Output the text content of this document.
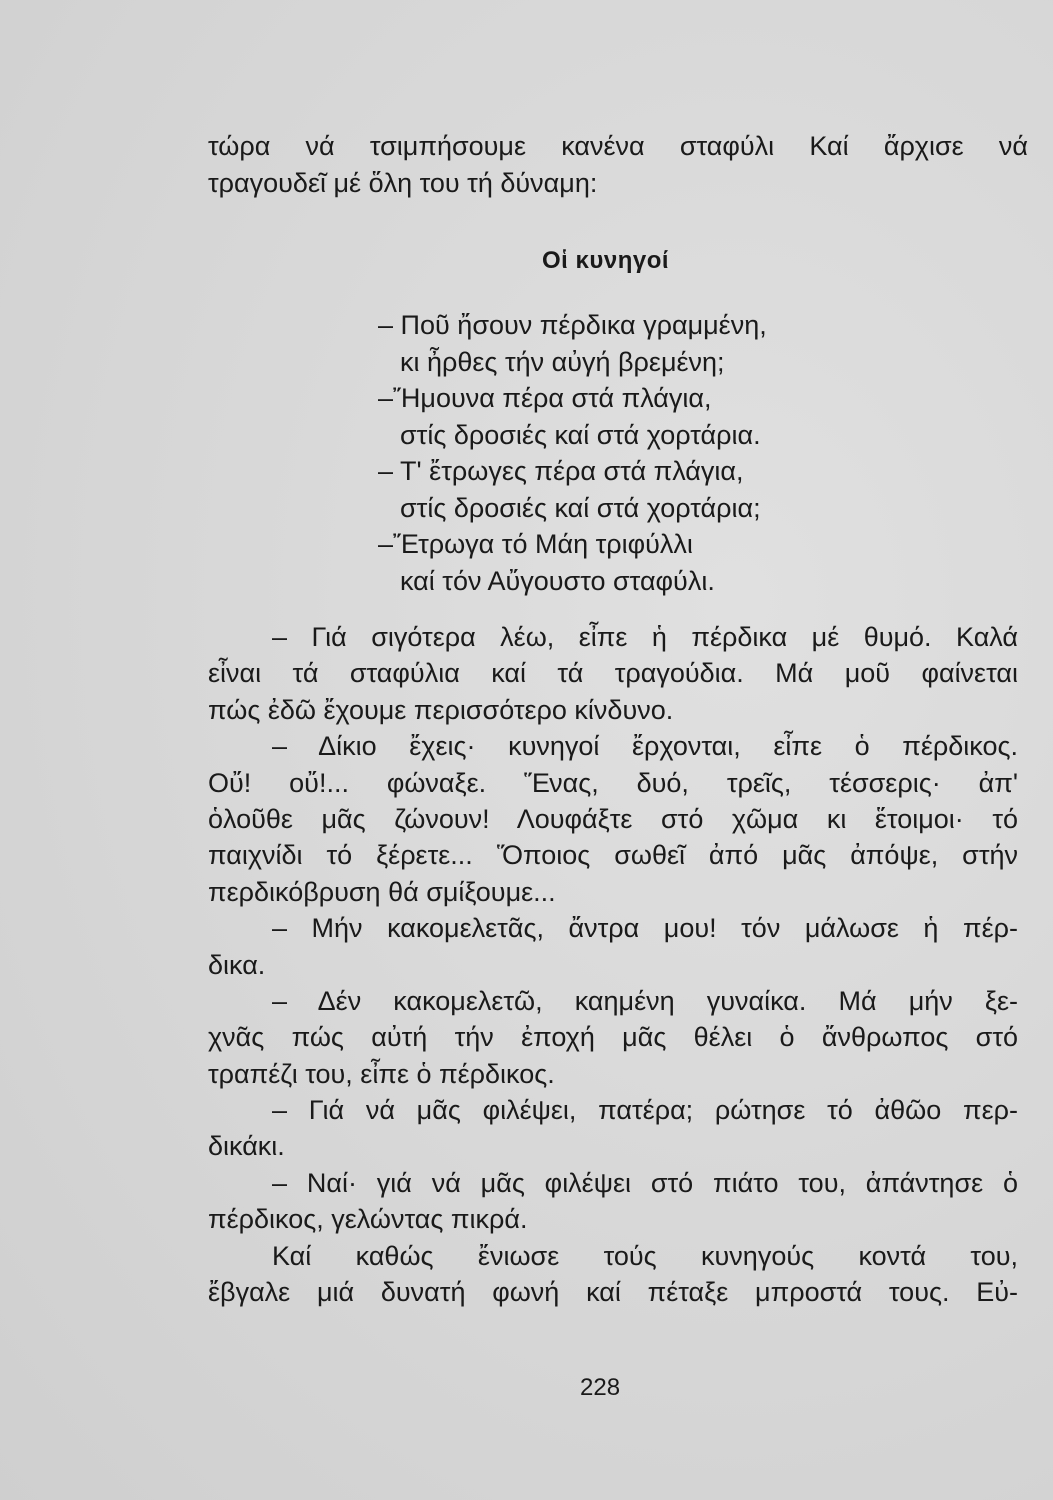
τώρα νά τσιμπήσουμε κανένα σταφύλι Καί ἄρχισε νά
τραγουδεῖ μέ ὅλη του τή δύναμη:
Οἱ κυνηγοί
– Ποῦ ἤσουν πέρδικα γραμμένη,
κι ἦρθες τήν αὐγή βρεμένη;
–Ἤμουνα πέρα στά πλάγια,
στίς δροσιές καί στά χορτάρια.
– Τ' ἔτρωγες πέρα στά πλάγια,
στίς δροσιές καί στά χορτάρια;
–Ἔτρωγα τό Μάη τριφύλλι
καί τόν Αὔγουστο σταφύλι.
– Γιά σιγότερα λέω, εἶπε ἡ πέρδικα μέ θυμό. Καλά
εἶναι τά σταφύλια καί τά τραγούδια. Μά μοῦ φαίνεται
πώς ἐδῶ ἔχουμε περισσότερο κίνδυνο.
– Δίκιο ἔχεις· κυνηγοί ἔρχονται, εἶπε ὁ πέρδικος.
Οὔ! οὔ!... φώναξε. Ἕνας, δυό, τρεῖς, τέσσερις· ἀπ'
ὁλοῦθε μᾶς ζώνουν! Λουφάξτε στό χῶμα κι ἕτοιμοι· τό
παιχνίδι τό ξέρετε... Ὅποιος σωθεῖ ἀπό μᾶς ἀπόψε, στήν
περδικόβρυση θά σμίξουμε...
– Μήν κακομελετᾶς, ἄντρα μου! τόν μάλωσε ἡ πέρ-
δικα.
– Δέν κακομελετῶ, καημένη γυναίκα. Μά μήν ξε-
χνᾶς πώς αὐτή τήν ἐποχή μᾶς θέλει ὁ ἄνθρωπος στό
τραπέζι του, εἶπε ὁ πέρδικος.
– Γιά νά μᾶς φιλέψει, πατέρα; ρώτησε τό ἀθῶο περ-
δικάκι.
– Ναί· γιά νά μᾶς φιλέψει στό πιάτο του, ἀπάντησε ὁ
πέρδικος, γελώντας πικρά.
Καί καθώς ἔνιωσε τούς κυνηγούς κοντά του,
ἔβγαλε μιά δυνατή φωνή καί πέταξε μπροστά τους. Εὐ-
228
